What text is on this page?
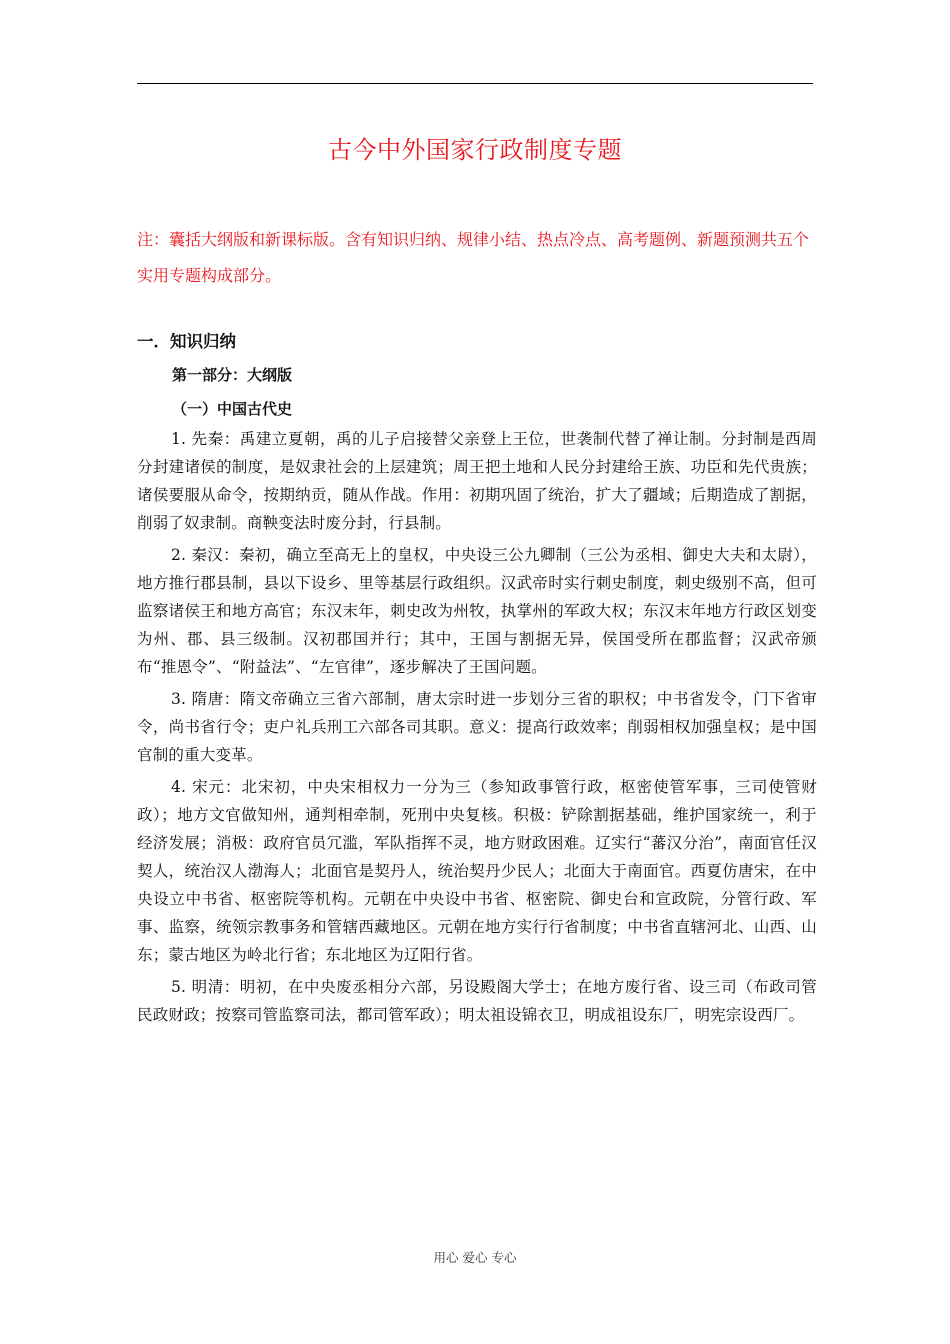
古今中外国家行政制度专题
注：囊括大纲版和新课标版。含有知识归纳、规律小结、热点冷点、高考题例、新题预测共五个实用专题构成部分。
一．知识归纳
第一部分：大纲版
（一）中国古代史

1. 先秦：禹建立夏朝，禹的儿子启接替父亲登上王位，世袭制代替了禅让制。分封制是西周分封建诸侯的制度，是奴隶社会的上层建筑；周王把土地和人民分封建给王族、功臣和先代贵族；诸侯要服从命令，按期纳贡，随从作战。作用：初期巩固了统治，扩大了疆域；后期造成了割据，削弱了奴隶制。商鞅变法时废分封，行县制。

2. 秦汉：秦初，确立至高无上的皇权，中央设三公九卿制（三公为丞相、御史大夫和太尉），地方推行郡县制，县以下设乡、里等基层行政组织。汉武帝时实行刺史制度，刺史级别不高，但可监察诸侯王和地方高官；东汉末年，刺史改为州牧，执掌州的军政大权；东汉末年地方行政区划变为州、郡、县三级制。汉初郡国并行；其中，王国与割据无异，侯国受所在郡监督；汉武帝颁布“推恩令”、“附益法”、“左官律”，逐步解决了王国问题。

3. 隋唐：隋文帝确立三省六部制，唐太宗时进一步划分三省的职权；中书省发令，门下省审令，尚书省行令；吏户礼兵刑工六部各司其职。意义：提高行政效率；削弱相权加强皇权；是中国官制的重大变革。

4. 宋元：北宋初，中央宋相权力一分为三（参知政事管行政，枢密使管军事，三司使管财政）；地方文官做知州，通判相牵制，死刑中央复核。积极：铲除割据基础，维护国家统一，利于经济发展；消极：政府官员冗滥，军队指挥不灵，地方财政困难。辽实行“蕃汉分治”，南面官任汉契人，统治汉人渤海人；北面官是契丹人，统治契丹少民人；北面大于南面官。西夏仿唐宋，在中央设立中书省、枢密院等机构。元朝在中央设中书省、枢密院、御史台和宣政院，分管行政、军事、监察，统领宗教事务和管辖西藏地区。元朝在地方实行行省制度；中书省直辖河北、山西、山东；蒙古地区为岭北行省；东北地区为辽阳行省。

5. 明清：明初，在中央废丞相分六部，另设殿阁大学士；在地方废行省、设三司（布政司管民政财政；按察司管监察司法，都司管军政）；明太祖设锦衣卫，明成祖设东厂，明宪宗设西厂。

用心 爱心 专心
